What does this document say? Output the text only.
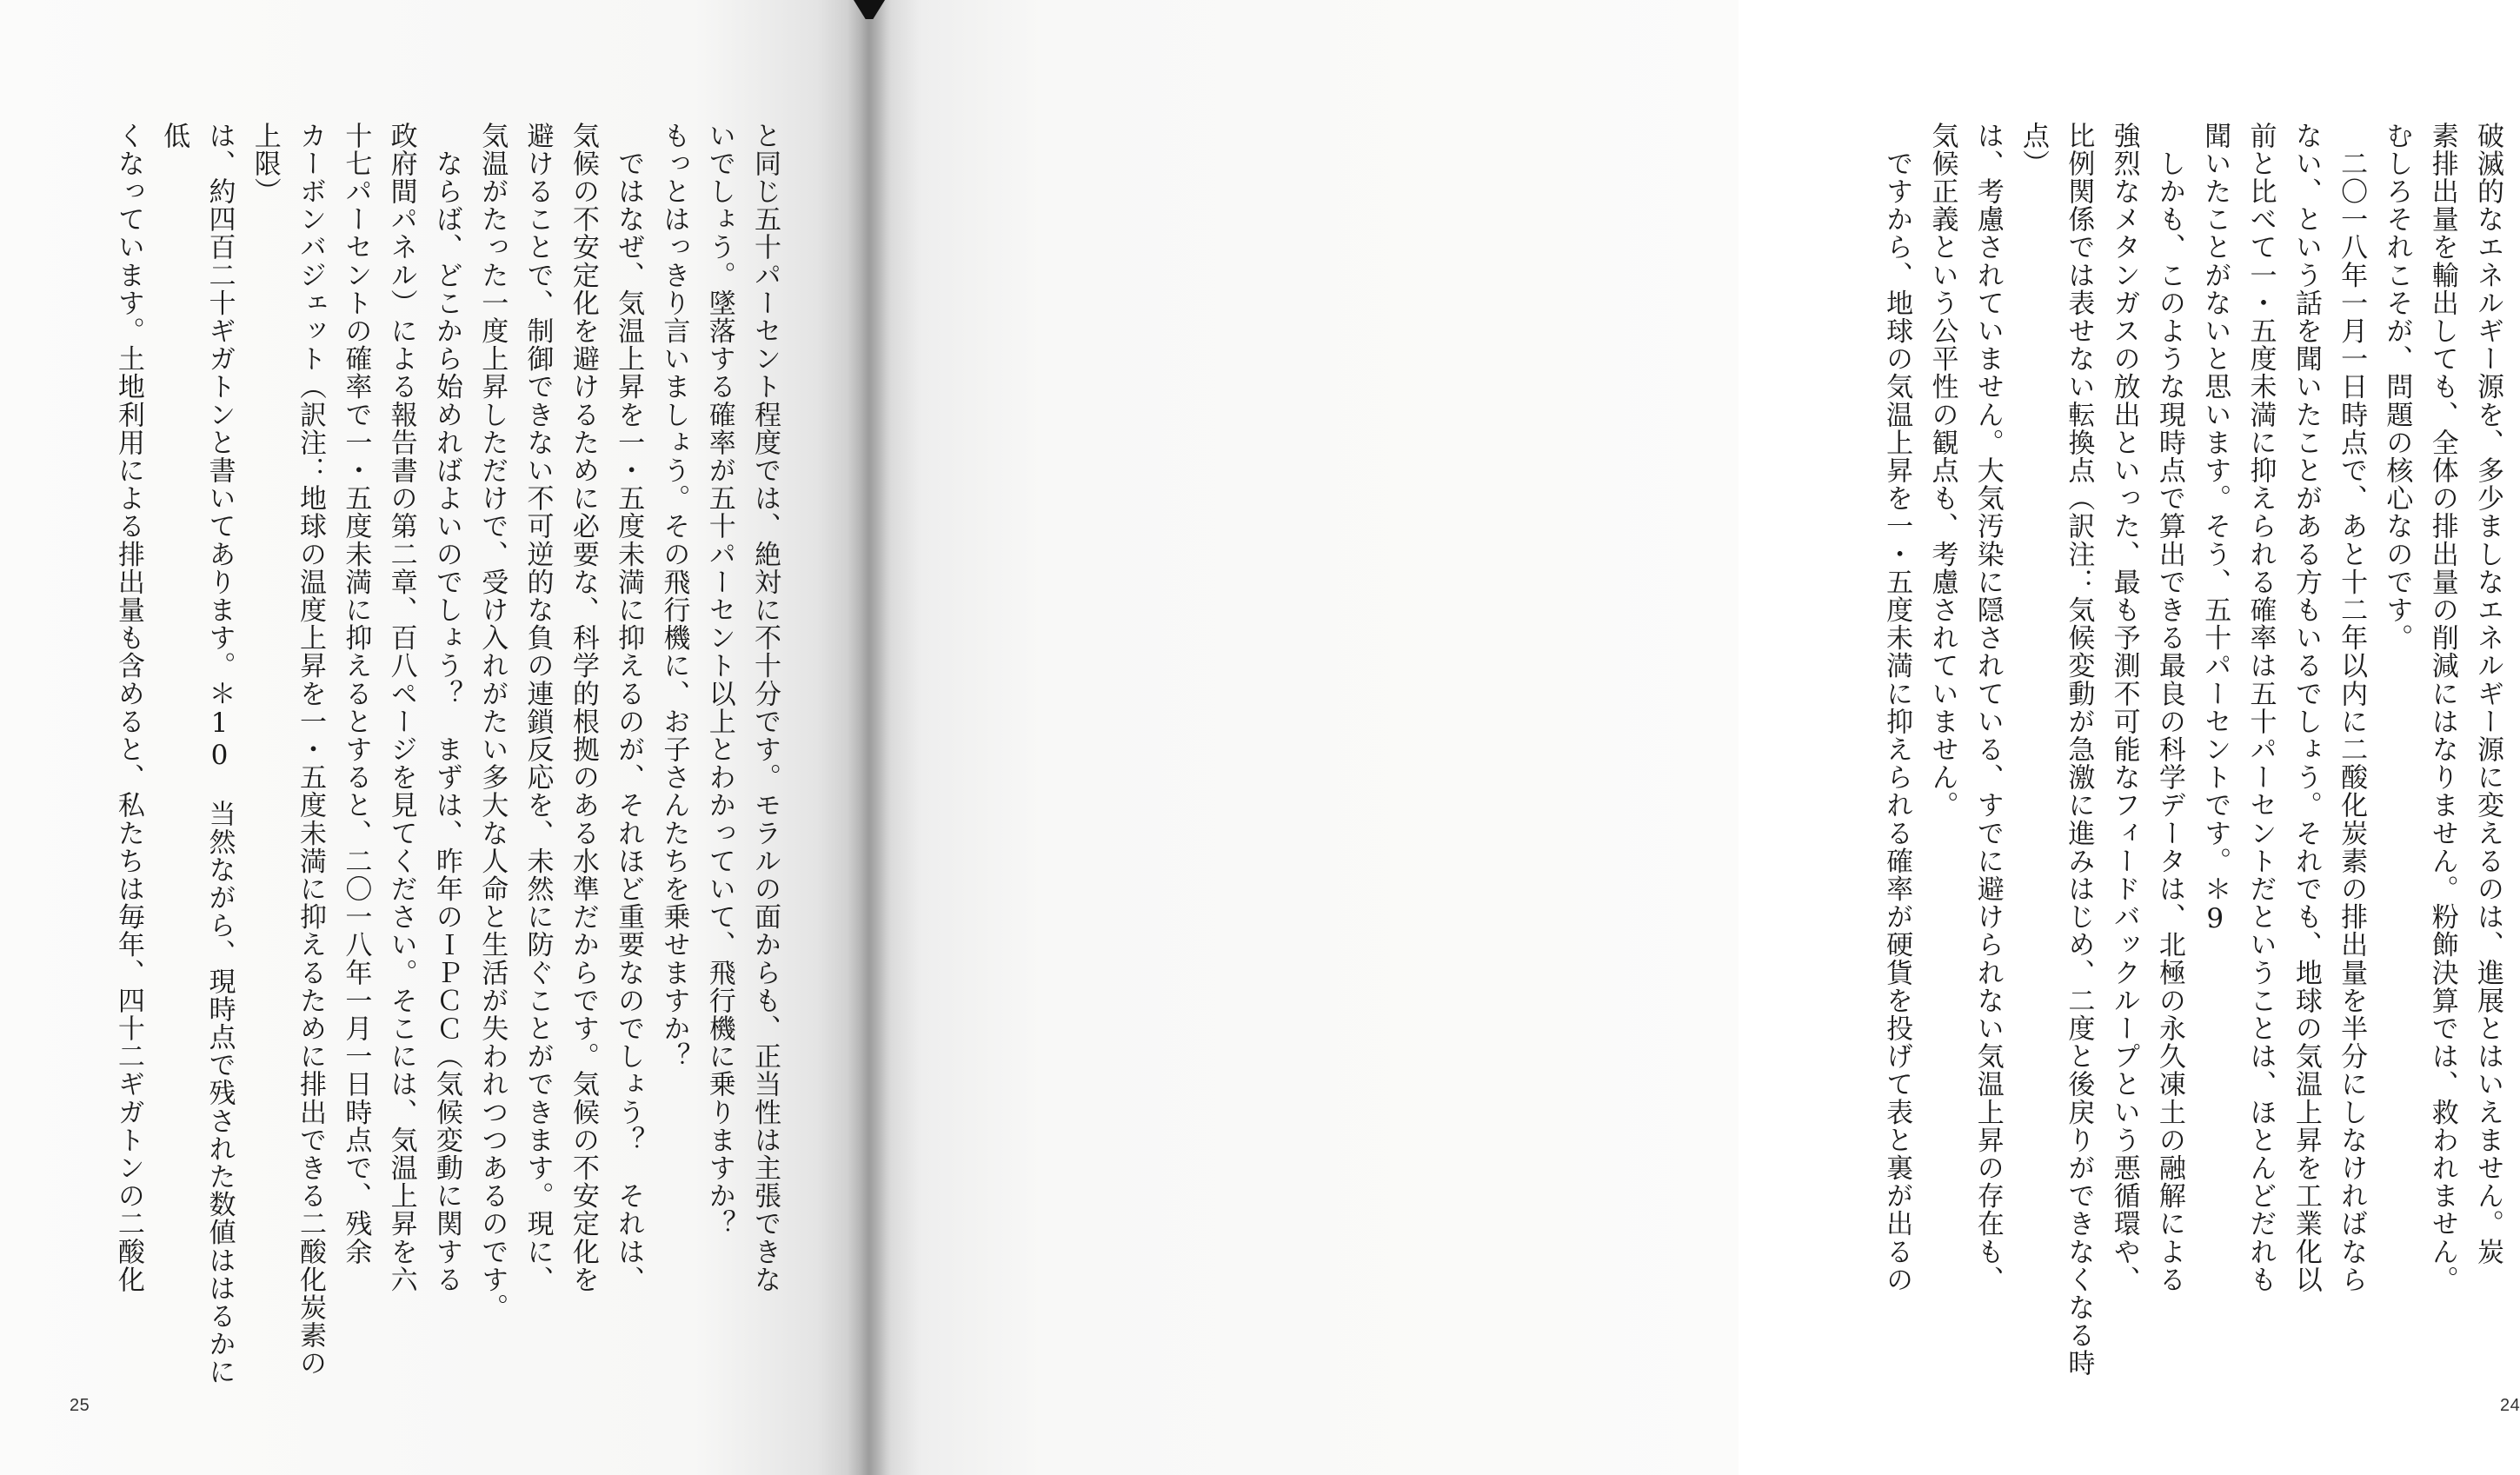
と同じ五十パーセント程度では、絶対に不十分です。モラルの面からも、正当性は主張できな
いでしょう。墜落する確率が五十パーセント以上とわかっていて、飛行機に乗りますか？
もっとはっきり言いましょう。その飛行機に、お子さんたちを乗せますか？
　ではなぜ、気温上昇を一・五度未満に抑えるのが、それほど重要なのでしょう？　それは、
気候の不安定化を避けるために必要な、科学的根拠のある水準だからです。気候の不安定化を
避けることで、制御できない不可逆的な負の連鎖反応を、未然に防ぐことができます。現に、
気温がたった一度上昇しただけで、受け入れがたい多大な人命と生活が失われつつあるのです。
　ならば、どこから始めればよいのでしょう？　まずは、昨年のＩＰＣＣ（気候変動に関する
政府間パネル）による報告書の第二章、百八ページを見てください。そこには、気温上昇を六
十七パーセントの確率で一・五度未満に抑えるとすると、二〇一八年一月一日時点で、残余
カーボンバジェット（訳注：地球の温度上昇を一・五度未満に抑えるために排出できる二酸化炭素の上限）
は、約四百二十ギガトンと書いてあります。＊10　当然ながら、現時点で残された数値ははるかに低
くなっています。土地利用による排出量も含めると、私たちは毎年、四十二ギガトンの二酸化
25
破滅的なエネルギー源を、多少ましなエネルギー源に変えるのは、進展とはいえません。炭
素排出量を輸出しても、全体の排出量の削減にはなりません。粉飾決算では、救われません。
むしろそれこそが、問題の核心なのです。
　二〇一八年一月一日時点で、あと十二年以内に二酸化炭素の排出量を半分にしなければなら
ない、という話を聞いたことがある方もいるでしょう。それでも、地球の気温上昇を工業化以
前と比べて一・五度未満に抑えられる確率は五十パーセントだということは、ほとんどだれも
聞いたことがないと思います。そう、五十パーセントです。＊9
　しかも、このような現時点で算出できる最良の科学データは、北極の永久凍土の融解による
強烈なメタンガスの放出といった、最も予測不可能なフィードバックループという悪循環や、
比例関係では表せない転換点（訳注：気候変動が急激に進みはじめ、二度と後戻りができなくなる時点）
は、考慮されていません。大気汚染に隠されている、すでに避けられない気温上昇の存在も、
気候正義という公平性の観点も、考慮されていません。
　ですから、地球の気温上昇を一・五度未満に抑えられる確率が硬貨を投げて表と裏が出るの
24
